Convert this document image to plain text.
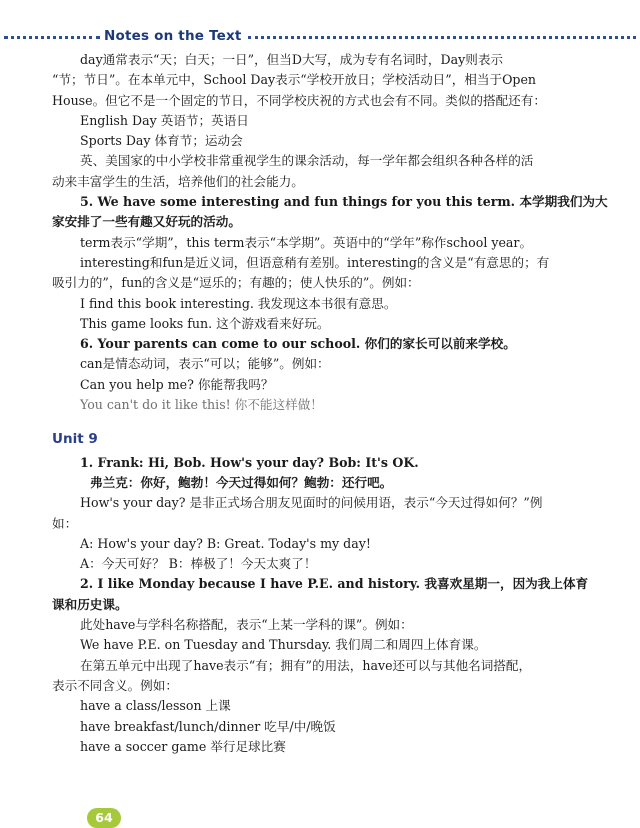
Notes on the Text

day通常表示“天；白天；一日”，但当D大写，成为专有名词时，Day则表示

“节；节日”。在本单元中，School Day表示“学校开放日；学校活动日”，相当于Open

House。但它不是一个固定的节日，不同学校庆祝的方式也会有不同。类似的搭配还有：

English Day 英语节；英语日

Sports Day 体育节；运动会

英、美国家的中小学校非常重视学生的课余活动，每一学年都会组织各种各样的活

动来丰富学生的生活，培养他们的社会能力。

5. We have some interesting and fun things for you this term. 本学期我们为大

家安排了一些有趣又好玩的活动。

term表示“学期”，this term表示“本学期”。英语中的“学年”称作school year。

interesting和fun是近义词，但语意稍有差别。interesting的含义是“有意思的；有

吸引力的”，fun的含义是“逗乐的；有趣的；使人快乐的”。例如：

I find this book interesting. 我发现这本书很有意思。

This game looks fun. 这个游戏看来好玩。

6. Your parents can come to our school. 你们的家长可以前来学校。

can是情态动词，表示“可以；能够”。例如：

Can you help me? 你能帮我吗？

You can't do it like this! 你不能这样做！

Unit 9

1. Frank: Hi, Bob. How's your day? Bob: It's OK.

弗兰克：你好，鲍勃！今天过得如何？鲍勃：还行吧。

How's your day? 是非正式场合朋友见面时的问候用语，表示“今天过得如何？”例

如：

A: How's your day? B: Great. Today's my day!

A：今天可好？ B：棒极了！今天太爽了！

2. I like Monday because I have P.E. and history. 我喜欢星期一，因为我上体育

课和历史课。

此处have与学科名称搭配，表示“上某一学科的课”。例如：

We have P.E. on Tuesday and Thursday. 我们周二和周四上体育课。

在第五单元中出现了have表示“有；拥有”的用法，have还可以与其他名词搭配，

表示不同含义。例如：

have a class/lesson 上课

have breakfast/lunch/dinner 吃早/中/晚饭

have a soccer game 举行足球比赛

64
